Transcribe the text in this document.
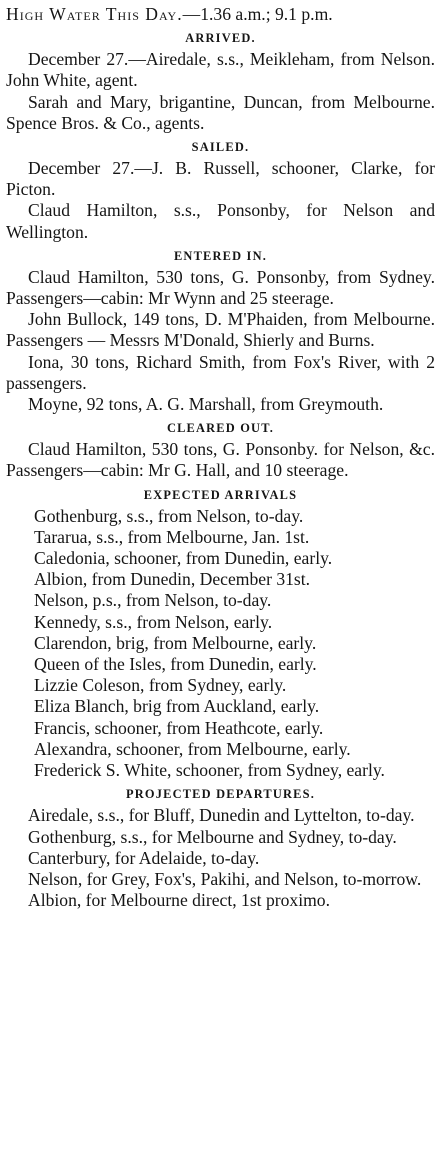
High Water This Day.—1.36 a.m.; 9.1 p.m.

ARRIVED.

December 27.—Airedale, s.s., Meikleham, from Nelson. John White, agent.

Sarah and Mary, brigantine, Duncan, from Melbourne. Spence Bros. & Co., agents.

SAILED.

December 27.—J. B. Russell, schooner, Clarke, for Picton.

Claud Hamilton, s.s., Ponsonby, for Nelson and Wellington.

ENTERED IN.

Claud Hamilton, 530 tons, G. Ponsonby, from Sydney. Passengers—cabin: Mr Wynn and 25 steerage.

John Bullock, 149 tons, D. M'Phaiden, from Melbourne. Passengers — Messrs M'Donald, Shierly and Burns.

Iona, 30 tons, Richard Smith, from Fox's River, with 2 passengers.

Moyne, 92 tons, A. G. Marshall, from Greymouth.

CLEARED OUT.

Claud Hamilton, 530 tons, G. Ponsonby. for Nelson, &c. Passengers—cabin: Mr G. Hall, and 10 steerage.

EXPECTED ARRIVALS

Gothenburg, s.s., from Nelson, to-day.

Tararua, s.s., from Melbourne, Jan. 1st.

Caledonia, schooner, from Dunedin, early.

Albion, from Dunedin, December 31st.

Nelson, p.s., from Nelson, to-day.

Kennedy, s.s., from Nelson, early.

Clarendon, brig, from Melbourne, early.

Queen of the Isles, from Dunedin, early.

Lizzie Coleson, from Sydney, early.

Eliza Blanch, brig from Auckland, early.

Francis, schooner, from Heathcote, early.

Alexandra, schooner, from Melbourne, early.

Frederick S. White, schooner, from Sydney, early.

PROJECTED DEPARTURES.

Airedale, s.s., for Bluff, Dunedin and Lyttelton, to-day.

Gothenburg, s.s., for Melbourne and Sydney, to-day.

Canterbury, for Adelaide, to-day.

Nelson, for Grey, Fox's, Pakihi, and Nelson, to-morrow.

Albion, for Melbourne direct, 1st proximo.
